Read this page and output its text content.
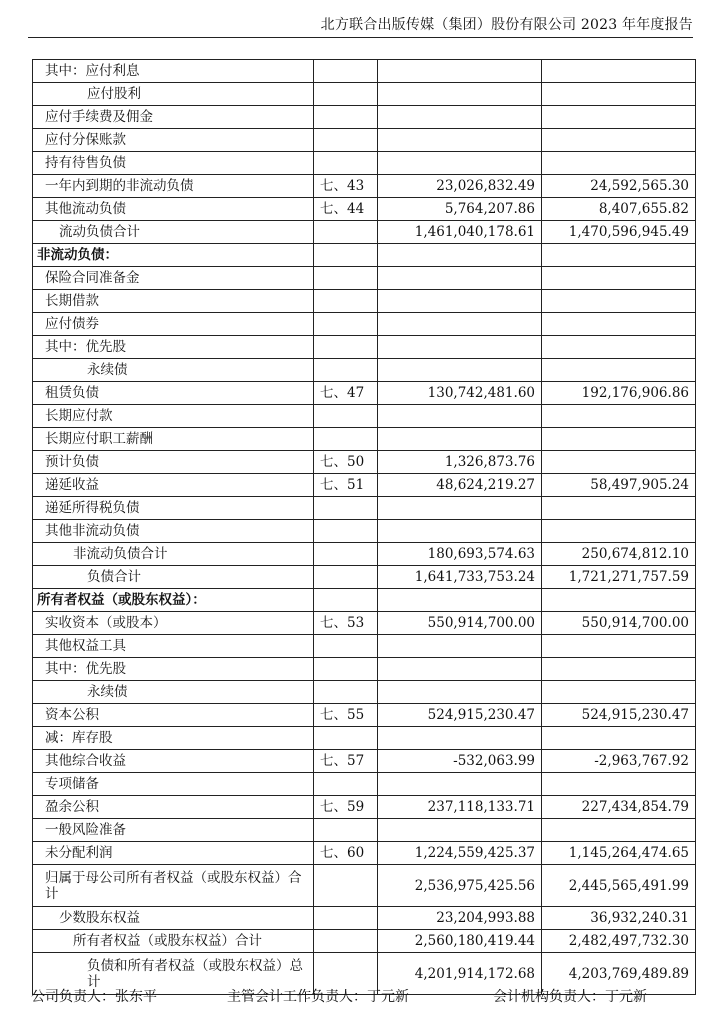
北方联合出版传媒（集团）股份有限公司 2023 年年度报告
其中：应付利息			
应付股利			
应付手续费及佣金			
应付分保账款			
持有待售负债			
一年内到期的非流动负债	七、43	23,026,832.49	24,592,565.30
其他流动负债	七、44	5,764,207.86	8,407,655.82
流动负债合计		1,461,040,178.61	1,470,596,945.49
非流动负债：			
保险合同准备金			
长期借款			
应付债券			
其中：优先股			
永续债			
租赁负债	七、47	130,742,481.60	192,176,906.86
长期应付款			
长期应付职工薪酬			
预计负债	七、50	1,326,873.76	
递延收益	七、51	48,624,219.27	58,497,905.24
递延所得税负债			
其他非流动负债			
非流动负债合计		180,693,574.63	250,674,812.10
负债合计		1,641,733,753.24	1,721,271,757.59
所有者权益（或股东权益）：			
实收资本（或股本）	七、53	550,914,700.00	550,914,700.00
其他权益工具			
其中：优先股			
永续债			
资本公积	七、55	524,915,230.47	524,915,230.47
减：库存股			
其他综合收益	七、57	-532,063.99	-2,963,767.92
专项储备			
盈余公积	七、59	237,118,133.71	227,434,854.79
一般风险准备			
未分配利润	七、60	1,224,559,425.37	1,145,264,474.65
归属于母公司所有者权益（或股东权益）合计		2,536,975,425.56	2,445,565,491.99
少数股东权益		23,204,993.88	36,932,240.31
所有者权益（或股东权益）合计		2,560,180,419.44	2,482,497,732.30
负债和所有者权益（或股东权益）总计		4,201,914,172.68	4,203,769,489.89
公司负责人：张东平	主管会计工作负责人：丁元新	会计机构负责人：丁元新
